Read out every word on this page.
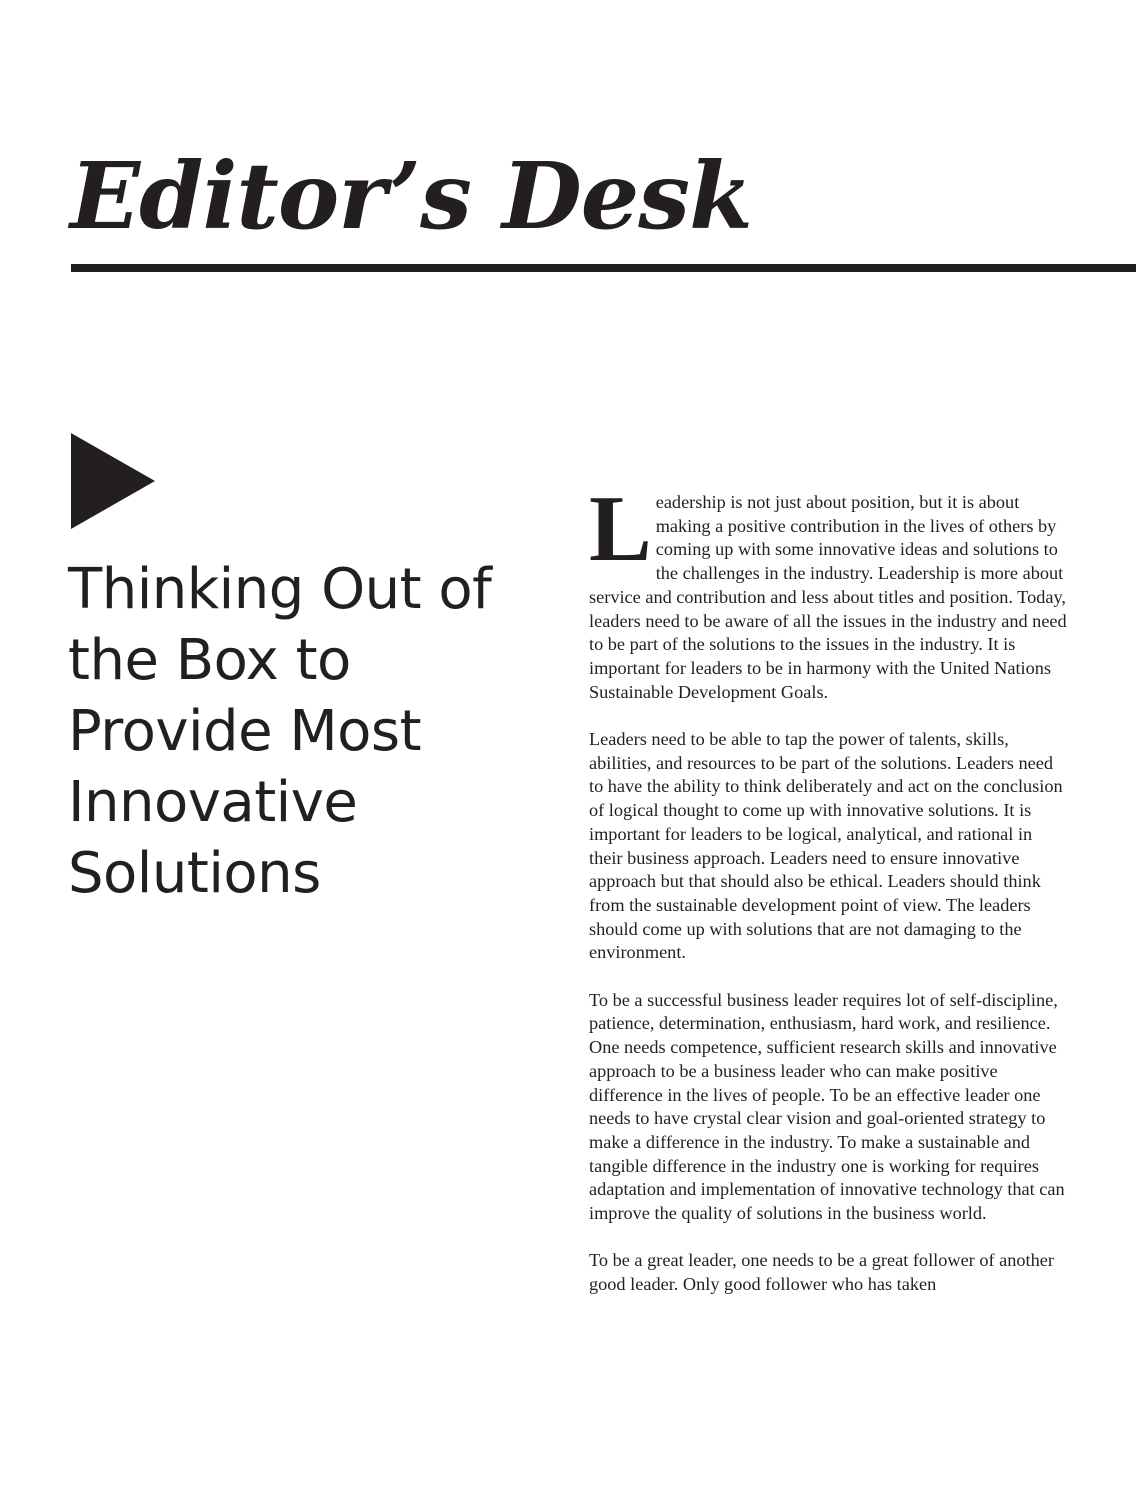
Editor’s Desk
Thinking Out of the Box to Provide Most Innovative Solutions

Leadership is not just about position, but it is about making a positive contribution in the lives of others by coming up with some innovative ideas and solutions to the challenges in the industry. Leadership is more about service and contribution and less about titles and position. Today, leaders need to be aware of all the issues in the industry and need to be part of the solutions to the issues in the industry. It is important for leaders to be in harmony with the United Nations Sustainable Development Goals.

Leaders need to be able to tap the power of talents, skills, abilities, and resources to be part of the solutions. Leaders need to have the ability to think deliberately and act on the conclusion of logical thought to come up with innovative solutions. It is important for leaders to be logical, analytical, and rational in their business approach. Leaders need to ensure innovative approach but that should also be ethical. Leaders should think from the sustainable development point of view. The leaders should come up with solutions that are not damaging to the environment.

To be a successful business leader requires lot of self-discipline, patience, determination, enthusiasm, hard work, and resilience. One needs competence, sufficient research skills and innovative approach to be a business leader who can make positive difference in the lives of people. To be an effective leader one needs to have crystal clear vision and goal-oriented strategy to make a difference in the industry. To make a sustainable and tangible difference in the industry one is working for requires adaptation and implementation of innovative technology that can improve the quality of solutions in the business world.

To be a great leader, one needs to be a great follower of another good leader. Only good follower who has taken
